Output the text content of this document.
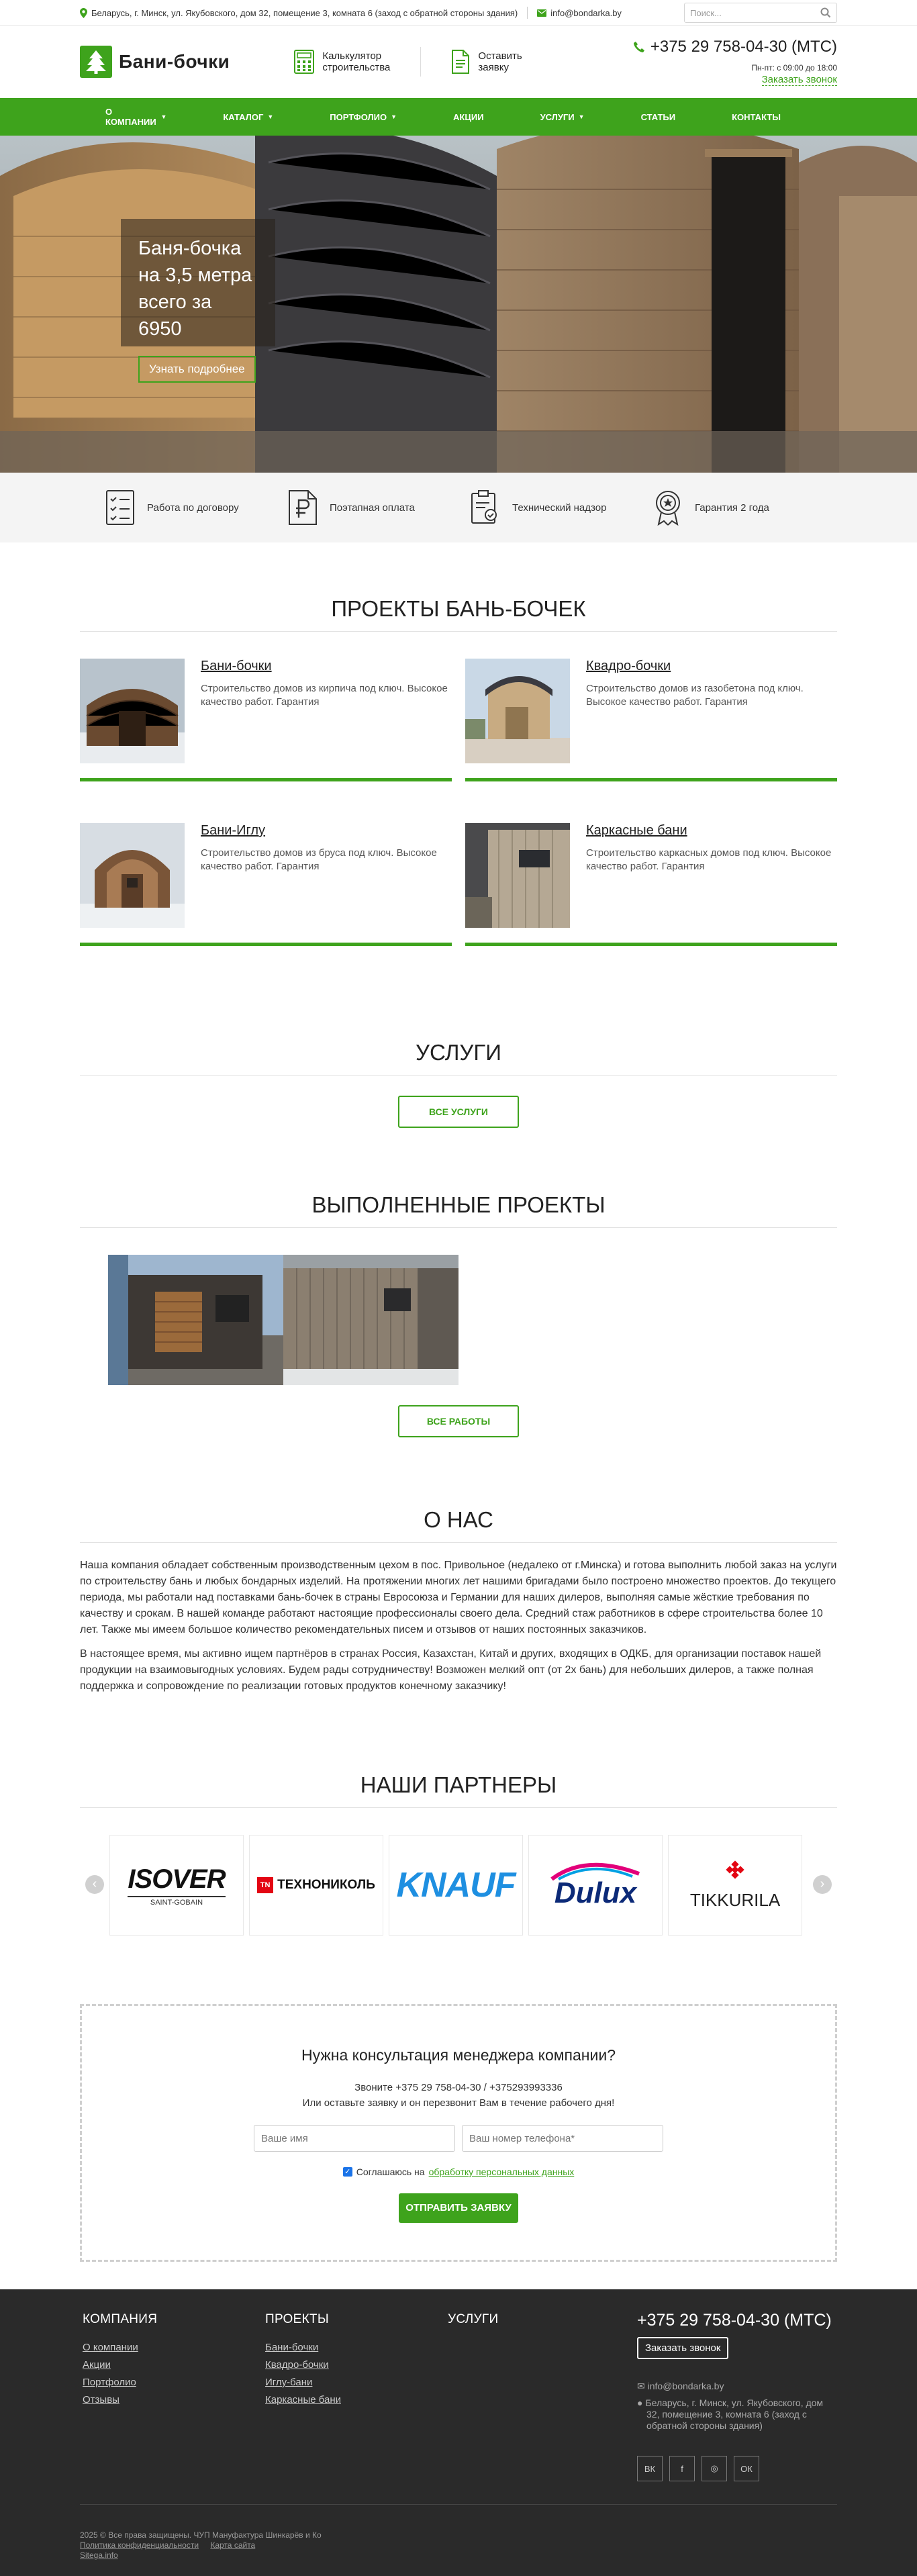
Беларусь, г. Минск, ул. Якубовского, дом 32, помещение 3, комната 6 (заход с обратной стороны здания)	info@bondarka.by	Поиск...
Бани-бочки	Калькулятор
строительства
Оставить
заявку
+375 29 758-04-30 (МТС)
Пн-пт: с 09:00 до 18:00
Заказать звонок
О КОМПАНИИ ▼	КАТАЛОГ ▼	ПОРТФОЛИО ▼	АКЦИИ	УСЛУГИ ▼	СТАТЬИ	КОНТАКТЫ
Баня-бочка на 3,5 метра
всего за 6950
Узнать подробнее
Работа по договору	Поэтапная оплата	Технический надзор	Гарантия 2 года
ПРОЕКТЫ БАНЬ-БОЧЕК
Бани-бочки
Строительство домов из кирпича под ключ. Высокое качество работ. Гарантия
Квадро-бочки
Строительство домов из газобетона под ключ. Высокое качество работ. Гарантия
Бани-Иглу
Строительство домов из бруса под ключ. Высокое качество работ. Гарантия
Каркасные бани
Строительство каркасных домов под ключ. Высокое качество работ. Гарантия
УСЛУГИ
ВСЕ УСЛУГИ
ВЫПОЛНЕННЫЕ ПРОЕКТЫ
ВСЕ РАБОТЫ
О НАС

Наша компания обладает собственным производственным цехом в пос. Привольное (недалеко от г.Минска) и готова выполнить любой заказ на услуги по строительству бань и любых бондарных изделий. На протяжении многих лет нашими бригадами было построено множество проектов. До текущего периода, мы работали над поставками бань-бочек в страны Евросоюза и Германии для наших дилеров, выполняя самые жёсткие требования по качеству и срокам. В нашей команде работают настоящие профессионалы своего дела. Средний стаж работников в сфере строительства более 10 лет. Также мы имеем большое количество рекомендательных писем и отзывов от наших постоянных заказчиков.

В настоящее время, мы активно ищем партнёров в странах Россия, Казахстан, Китай и других, входящих в ОДКБ, для организации поставок нашей продукции на взаимовыгодных условиях. Будем рады сотрудничеству! Возможен мелкий опт (от 2х бань) для небольших дилеров, а также полная поддержка и сопровождение по реализации готовых продуктов конечному заказчику!

НАШИ ПАРТНЕРЫ
‹ ISOVER
SAINT-GOBAIN
TN ТЕХНОНИКОЛЬ KNAUF	Dulux	TIKKURILA
›
Нужна консультация менеджера компании?
Звоните +375 29 758-04-30 / +375293993336
Или оставьте заявку и он перезвонит Вам в течение рабочего дня!
Ваше имя
Ваш номер телефона*
✓ Соглашаюсь на обработку персональных данных
ОТПРАВИТЬ ЗАЯВКУ
КОМПАНИЯ
О компании
Акции
Портфолио
Отзывы
ПРОЕКТЫ
Бани-бочки
Квадро-бочки
Иглу-бани
Каркасные бани
УСЛУГИ	+375 29 758-04-30 (МТС)
Заказать звонок
✉ info@bondarka.by
● Беларусь, г. Минск, ул. Якубовского, дом 32, помещение 3, комната 6 (заход с обратной стороны здания)
ВК	f	◎	ОК
2025 © Все права защищены. ЧУП Мануфактура Шинкарёв и Ко
Политика конфиденциальности Карта сайта
Sitega.info
